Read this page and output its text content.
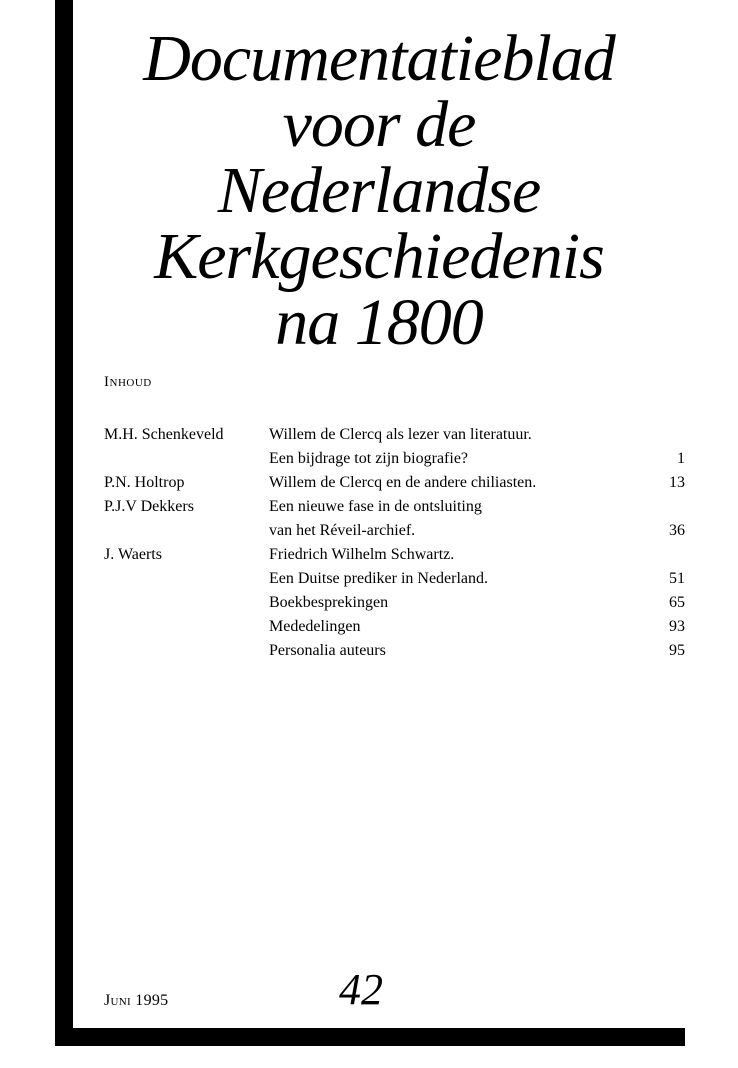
Documentatieblad
voor de
Nederlandse
Kerkgeschiedenis
na 1800
Inhoud
M.H. Schenkeveld	Willem de Clercq als lezer van literatuur.
Een bijdrage tot zijn biografie?	1
P.N. Holtrop	Willem de Clercq en de andere chiliasten.	13
P.J.V Dekkers	Een nieuwe fase in de ontsluiting
van het Réveil-archief.	36
J. Waerts	Friedrich Wilhelm Schwartz.
Een Duitse prediker in Nederland.	51
Boekbesprekingen	65
Mededelingen	93
Personalia auteurs	95
Juni 1995	42
